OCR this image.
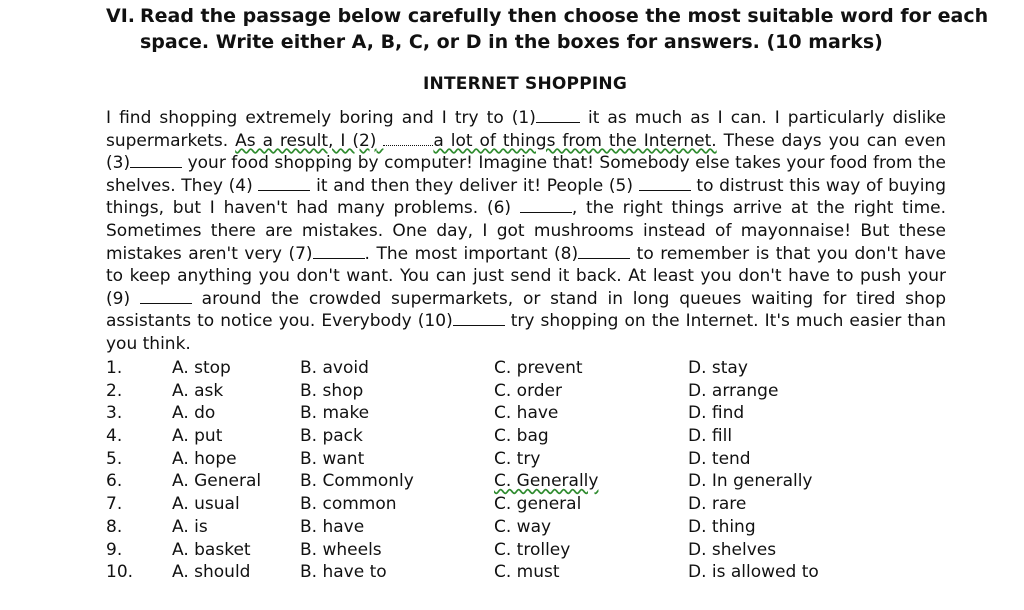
VI. Read the passage below carefully then choose the most suitable word for each
space. Write either A, B, C, or D in the boxes for answers. (10 marks)
INTERNET SHOPPING

I find shopping extremely boring and I try to (1)	it as much as I can. I particularly dislike supermarkets. As a result, I (2)	a lot of things from the Internet. These days you can even (3)	your food shopping by computer! Imagine that! Somebody else takes your food from the shelves. They (4)	it and then they deliver it! People (5)	to distrust this way of buying things, but I haven't had many problems. (6)	, the right things arrive at the right time. Sometimes there are mistakes. One day, I got mushrooms instead of mayonnaise! But these mistakes aren't very (7)	. The most important (8)	to remember is that you don't have to keep anything you don't want. You can just send it back. At least you don't have to push your (9)	around the crowded supermarkets, or stand in long queues waiting for tired shop assistants to notice you. Everybody (10)	try shopping on the Internet. It's much easier than you think.

1.	A. stop	B. avoid	C. prevent	D. stay
2.	A. ask	B. shop	C. order	D. arrange
3.	A. do	B. make	C. have	D. find
4.	A. put	B. pack	C. bag	D. fill
5.	A. hope	B. want	C. try	D. tend
6.	A. General B. Commonly	C. Generally	D. In generally
7.	A. usual	B. common	C. general	D. rare
8.	A. is	B. have	C. way	D. thing
9.	A. basket	B. wheels	C. trolley	D. shelves
10. A. should	B. have to	C. must	D. is allowed to
